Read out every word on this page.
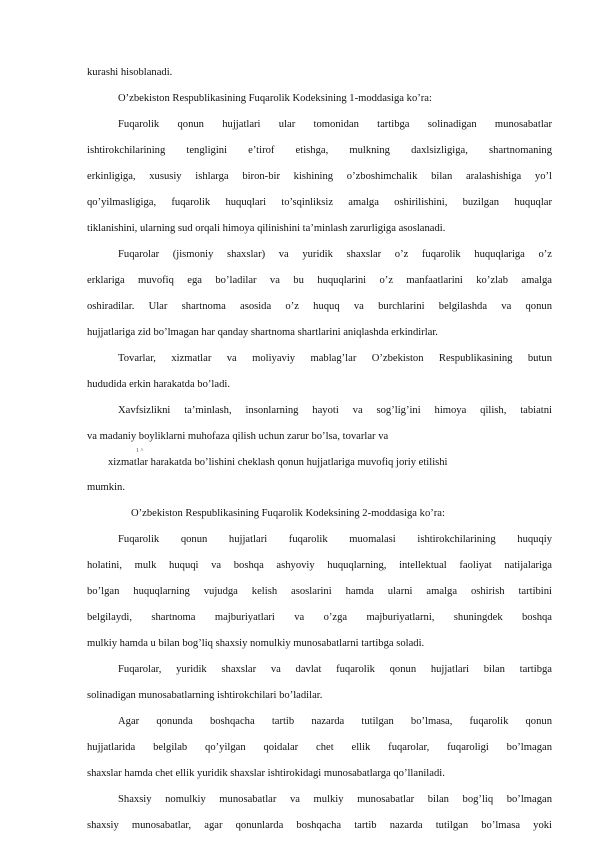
kurashi hisoblanadi.
O’zbekiston Respublikasining Fuqarolik Kodeksining 1-moddasiga ko’ra:
Fuqarolik qonun hujjatlari ular tomonidan tartibga solinadigan munosabatlar
ishtirokchilarining tengligini e’tirof etishga, mulkning daxlsizligiga, shartnomaning
erkinligiga, xususiy ishlarga biron-bir kishining o’zboshimchalik bilan aralashishiga yo’l
qo’yilmasligiga, fuqarolik huquqlari to’sqinliksiz amalga oshirilishini, buzilgan huquqlar
tiklanishini, ularning sud orqali himoya qilinishini ta’minlash zarurligiga asoslanadi.
Fuqarolar (jismoniy shaxslar) va yuridik shaxslar o’z fuqarolik huquqlariga o’z
erklariga muvofiq ega bo’ladilar va bu huquqlarini o’z manfaatlarini ko’zlab amalga
oshiradilar. Ular shartnoma asosida o’z huquq va burchlarini belgilashda va qonun
hujjatlariga zid bo’lmagan har qanday shartnoma shartlarini aniqlashda erkindirlar.
Tovarlar, xizmatlar va moliyaviy mablag’lar O’zbekiston Respublikasining butun
hududida erkin harakatda bo’ladi.
Xavfsizlikni ta’minlash, insonlarning hayoti va sog’lig’ini himoya qilish, tabiatni
va madaniy boyliklarni muhofaza qilish uchun zarur bo’lsa, tovarlar va
xizmatlar harakatda bo’lishini cheklash qonun hujjatlariga muvofiq joriy etilishi
1 ^
mumkin.
O’zbekiston Respublikasining Fuqarolik Kodeksining 2-moddasiga ko’ra:
Fuqarolik qonun hujjatlari fuqarolik muomalasi ishtirokchilarining huquqiy
holatini, mulk huquqi va boshqa ashyoviy huquqlarning, intellektual faoliyat natijalariga
bo’lgan huquqlarning vujudga kelish asoslarini hamda ularni amalga oshirish tartibini
belgilaydi, shartnoma majburiyatlari va o’zga majburiyatlarni, shuningdek boshqa
mulkiy hamda u bilan bog’liq shaxsiy nomulkiy munosabatlarni tartibga soladi.
Fuqarolar, yuridik shaxslar va davlat fuqarolik qonun hujjatlari bilan tartibga
solinadigan munosabatlarning ishtirokchilari bo’ladilar.
Agar qonunda boshqacha tartib nazarda tutilgan bo’lmasa, fuqarolik qonun
hujjatlarida belgilab qo’yilgan qoidalar chet ellik fuqarolar, fuqaroligi bo’lmagan
shaxslar hamda chet ellik yuridik shaxslar ishtirokidagi munosabatlarga qo’llaniladi.
Shaxsiy nomulkiy munosabatlar va mulkiy munosabatlar bilan bog’liq bo’lmagan
shaxsiy munosabatlar, agar qonunlarda boshqacha tartib nazarda tutilgan bo’lmasa yoki
